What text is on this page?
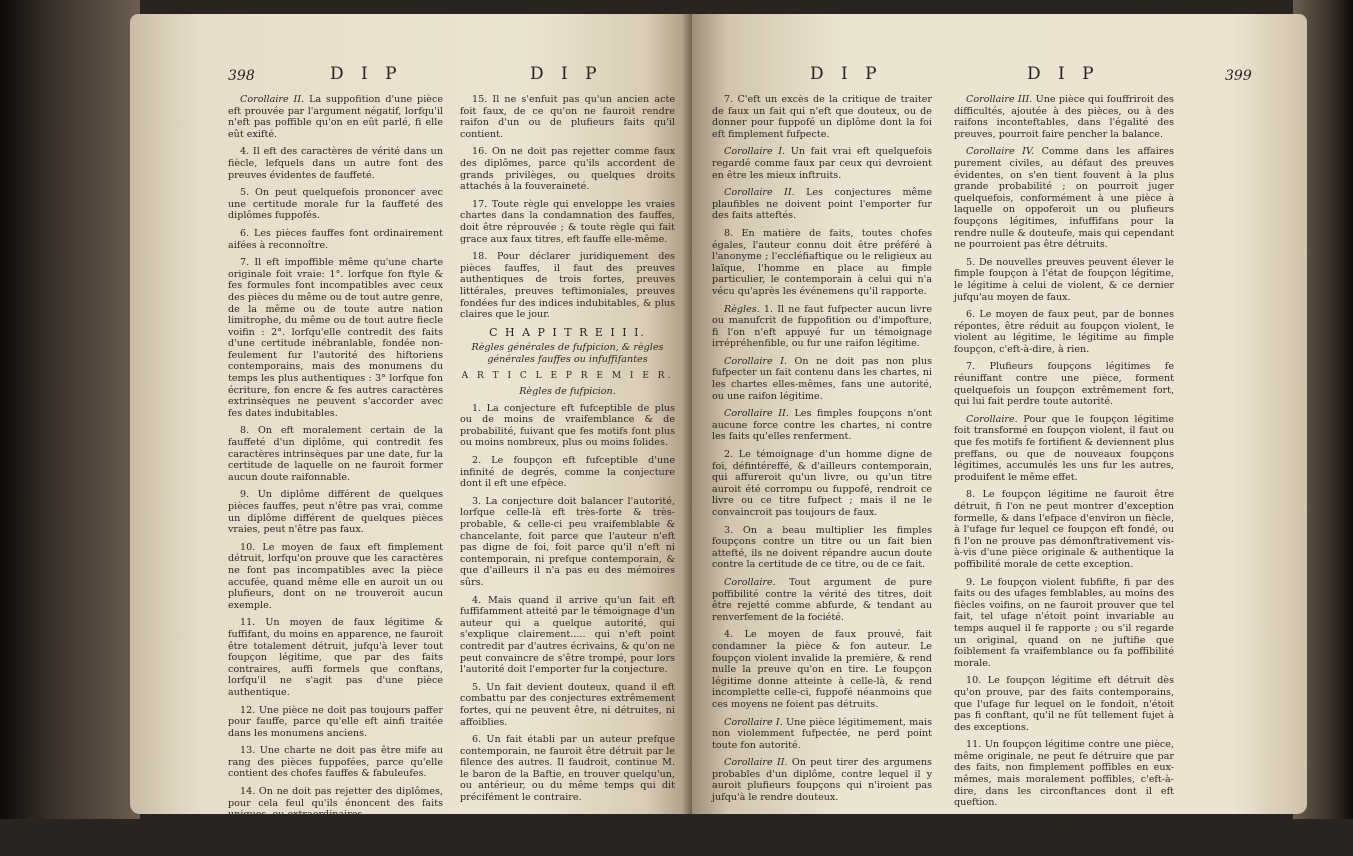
398	D I P	D I P

Corollaire II. La suppofition d'une pièce eft prouvée par l'argument négatif, lorfqu'il n'eft pas poffible qu'on en eût parlé, fi elle eût exifté.

4. Il eft des caractères de vérité dans un fiècle, lefquels dans un autre font des preuves évidentes de fauffeté.

5. On peut quelquefois prononcer avec une certitude morale fur la fauffeté des diplômes fuppofés.

6. Les pièces fauffes font ordinairement aifées à reconnoître.

7. Il eft impoffible même qu'une charte originale foit vraie: 1°. lorfque fon ftyle & fes formules font incompatibles avec ceux des pièces du même ou de tout autre genre, de la même ou de toute autre nation limitrophe, du même ou de tout autre fiecle voifin : 2°. lorfqu'elle contredit des faits d'une certitude inébranlable, fondée non-feulement fur l'autorité des hiftoriens contemporains, mais des monumens du temps les plus authentiques : 3° lorfque fon écriture, fon encre & fes autres caractères extrinsèques ne peuvent s'accorder avec fes dates indubitables.

8. On eft moralement certain de la fauffeté d'un diplôme, qui contredit fes caractères intrinsèques par une date, fur la certitude de laquelle on ne fauroit former aucun doute raifonnable.

9. Un diplôme différent de quelques pièces fauffes, peut n'être pas vrai, comme un diplôme différent de quelques pièces vraies, peut n'être pas faux.

10. Le moyen de faux eft fimplement détruit, lorfqu'on prouve que les caractères ne font pas incompatibles avec la pièce accufée, quand même elle en auroit un ou plufieurs, dont on ne trouveroit aucun exemple.

11. Un moyen de faux légitime & fuffifant, du moins en apparence, ne fauroit être totalement détruit, jufqu'à lever tout foupçon légitime, que par des faits contraires, auffi formels que conftans, lorfqu'il ne s'agit pas d'une pièce authentique.

12. Une pièce ne doit pas toujours paffer pour fauffe, parce qu'elle eft ainfi traitée dans les monumens anciens.

13. Une charte ne doit pas être mife au rang des pièces fuppofées, parce qu'elle contient des chofes fauffes & fabuleufes.

14. On ne doit pas rejetter des diplômes, pour cela feul qu'ils énoncent des faits uniques, ou extraordinaires.

15. Il ne s'enfuit pas qu'un ancien acte foit faux, de ce qu'on ne fauroit rendre raifon d'un ou de plufieurs faits qu'il contient.

16. On ne doit pas rejetter comme faux des diplômes, parce qu'ils accordent de grands privilèges, ou quelques droits attachés à la fouveraineté.

17. Toute règle qui enveloppe les vraies chartes dans la condamnation des fauffes, doit être réprouvée ; & toute règle qui fait grace aux faux titres, eft fauffe elle-même.

18. Pour déclarer juridiquement des pièces fauffes, il faut des preuves authentiques de trois fortes, preuves littérales, preuves teftimoniales, preuves fondées fur des indices indubitables, & plus claires que le jour.

C H A P I T R E I I I.

Règles générales de fufpicion, & règles générales fauffes ou infuffifantes

A R T I C L E P R E M I E R.

Règles de fufpicion.

1. La conjecture eft fufceptible de plus ou de moins de vraifemblance & de probabilité, fuivant que fes motifs font plus ou moins nombreux, plus ou moins folides.

2. Le foupçon eft fufceptible d'une infinité de degrés, comme la conjecture dont il eft une efpèce.

3. La conjecture doit balancer l'autorité, lorfque celle-là eft très-forte & très-probable, & celle-ci peu vraifemblable & chancelante, foit parce que l'auteur n'eft pas digne de foi, foit parce qu'il n'eft ni contemporain, ni prefque contemporain, & que d'ailleurs il n'a pas eu des mémoires sûrs.

4. Mais quand il arrive qu'un fait eft fuffifamment atteité par le témoignage d'un auteur qui a quelque autorité, qui s'explique clairement..... qui n'eft point contredit par d'autres écrivains, & qu'on ne peut convaincre de s'être trompé, pour lors l'autorité doit l'emporter fur la conjecture.

5. Un fait devient douteux, quand il eft combattu par des conjectures extrêmement fortes, qui ne peuvent être, ni détruites, ni affoiblies.

6. Un fait établi par un auteur prefque contemporain, ne fauroit être détruit par le filence des autres. Il faudroit, continue M. le baron de la Baftie, en trouver quelqu'un, ou antérieur, ou du même temps qui dit précifément le contraire.

D I P	D I P	399

7. C'eft un excès de la critique de traiter de faux un fait qui n'eft que douteux, ou de donner pour fuppofé un diplôme dont la foi eft fimplement fufpecte.

Corollaire I. Un fait vrai eft quelquefois regardé comme faux par ceux qui devroient en être les mieux inftruits.

Corollaire II. Les conjectures même plaufibles ne doivent point l'emporter fur des faits atteftés.

8. En matière de faits, toutes chofes égales, l'auteur connu doit être préféré à l'anonyme ; l'eccléfiaftique ou le religieux au laïque, l'homme en place au fimple particulier, le contemporain à celui qui n'a vécu qu'après les événemens qu'il rapporte.

Règles. 1. Il ne faut fufpecter aucun livre ou manufcrit de fuppofition ou d'impofture, fi l'on n'eft appuyé fur un témoignage irrépréhenfible, ou fur une raifon légitime.

Corollaire I. On ne doit pas non plus fufpecter un fait contenu dans les chartes, ni les chartes elles-mêmes, fans une autorité, ou une raifon légitime.

Corollaire II. Les fimples foupçons n'ont aucune force contre les chartes, ni contre les faits qu'elles renferment.

2. Le témoignage d'un homme digne de foi, défintéreffé, & d'ailleurs contemporain, qui affureroit qu'un livre, ou qu'un titre auroit été corrompu ou fuppofé, rendroit ce livre ou ce titre fufpect ; mais il ne le convaincroit pas toujours de faux.

3. On a beau multiplier les fimples foupçons contre un titre ou un fait bien attefté, ils ne doivent répandre aucun doute contre la certitude de ce titre, ou de ce fait.

Corollaire. Tout argument de pure poffibilité contre la vérité des titres, doit être rejetté comme abfurde, & tendant au renverfement de la fociété.

4. Le moyen de faux prouvé, fait condamner la pièce & fon auteur. Le foupçon violent invalide la première, & rend nulle la preuve qu'on en tire. Le foupçon légitime donne atteinte à celle-là, & rend incomplette celle-ci, fuppofé néanmoins que ces moyens ne foient pas détruits.

Corollaire I. Une pièce légitimement, mais non violemment fufpectée, ne perd point toute fon autorité.

Corollaire II. On peut tirer des argumens probables d'un diplôme, contre lequel il y auroit plufieurs foupçons qui n'iroient pas jufqu'à le rendre douteux.

Corollaire III. Une pièce qui fouffriroit des difficultés, ajoutée à des pièces, ou à des raifons inconteftables, dans l'égalité des preuves, pourroit faire pencher la balance.

Corollaire IV. Comme dans les affaires purement civiles, au défaut des preuves évidentes, on s'en tient fouvent à la plus grande probabilité ; on pourroit juger quelquefois, conformément à une pièce à laquelle on oppoferoit un ou plufieurs foupçons légitimes, infuffifans pour la rendre nulle & douteufe, mais qui cependant ne pourroient pas être détruits.

5. De nouvelles preuves peuvent élever le fimple foupçon à l'état de foupçon légitime, le légitime à celui de violent, & ce dernier jufqu'au moyen de faux.

6. Le moyen de faux peut, par de bonnes répontes, être réduit au foupçon violent, le violent au légitime, le légitime au fimple foupçon, c'eft-à-dire, à rien.

7. Plufieurs foupçons légitimes fe réuniffant contre une pièce, forment quelquefois un foupçon extrêmement fort, qui lui fait perdre toute autorité.

Corollaire. Pour que le foupçon légitime foit transformé en foupçon violent, il faut ou que fes motifs fe fortifient & deviennent plus preffans, ou que de nouveaux foupçons légitimes, accumulés les uns fur les autres, produifent le même effet.

8. Le foupçon légitime ne fauroit être détruit, fi l'on ne peut montrer d'exception formelle, & dans l'efpace d'environ un fiècle, à l'ufage fur lequel ce foupçon eft fondé, ou fi l'on ne prouve pas démonftrativement vis-à-vis d'une pièce originale & authentique la poffibilité morale de cette exception.

9. Le foupçon violent fubfifte, fi par des faits ou des ufages femblables, au moins des fiècles voifins, on ne fauroit prouver que tel fait, tel ufage n'étoit point invariable au temps auquel il fe rapporte ; ou s'il regarde un original, quand on ne juftifie que foiblement fa vraifemblance ou fa poffibilité morale.

10. Le foupçon légitime eft détruit dès qu'on prouve, par des faits contemporains, que l'ufage fur lequel on le fondoit, n'étoit pas fi conftant, qu'il ne fût tellement fujet à des exceptions.

11. Un foupçon légitime contre une pièce, même originale, ne peut fe détruire que par des faits, non fimplement poffibles en eux-mêmes, mais moralement poffibles, c'eft-à-dire, dans les circonftances dont il eft queftion.

12. Le foupçon légitime non détruit, ne devient pas pour cela violent, ni le violent, moyen de faux.
